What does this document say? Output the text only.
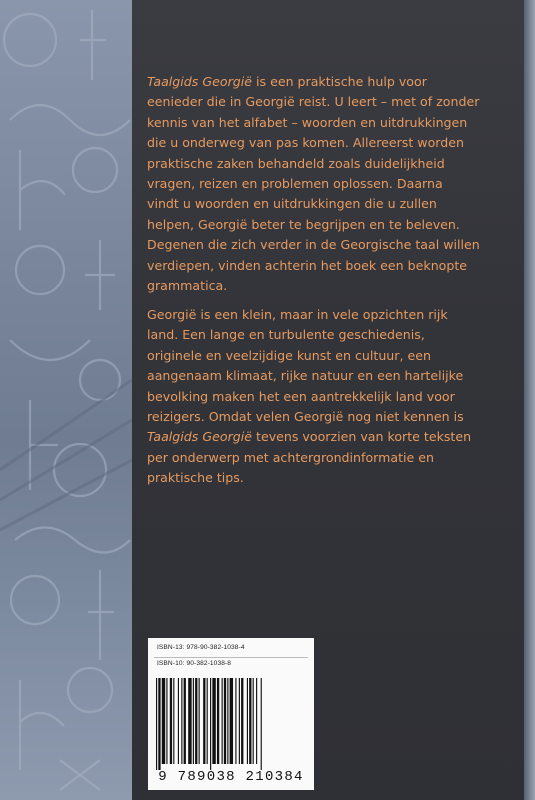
Taalgids Georgië is een praktische hulp voor
eenieder die in Georgië reist. U leert – met of zonder
kennis van het alfabet – woorden en uitdrukkingen
die u onderweg van pas komen. Allereerst worden
praktische zaken behandeld zoals duidelijkheid
vragen, reizen en problemen oplossen. Daarna
vindt u woorden en uitdrukkingen die u zullen
helpen, Georgië beter te begrijpen en te beleven.
Degenen die zich verder in de Georgische taal willen
verdiepen, vinden achterin het boek een beknopte
grammatica.
Georgië is een klein, maar in vele opzichten rijk
land. Een lange en turbulente geschiedenis,
originele en veelzijdige kunst en cultuur, een
aangenaam klimaat, rijke natuur en een hartelijke
bevolking maken het een aantrekkelijk land voor
reizigers. Omdat velen Georgië nog niet kennen is
Taalgids Georgië tevens voorzien van korte teksten
per onderwerp met achtergrondinformatie en
praktische tips.
ISBN-13: 978-90-382-1038-4
ISBN-10: 90-382-1038-8
9 789038 210384
